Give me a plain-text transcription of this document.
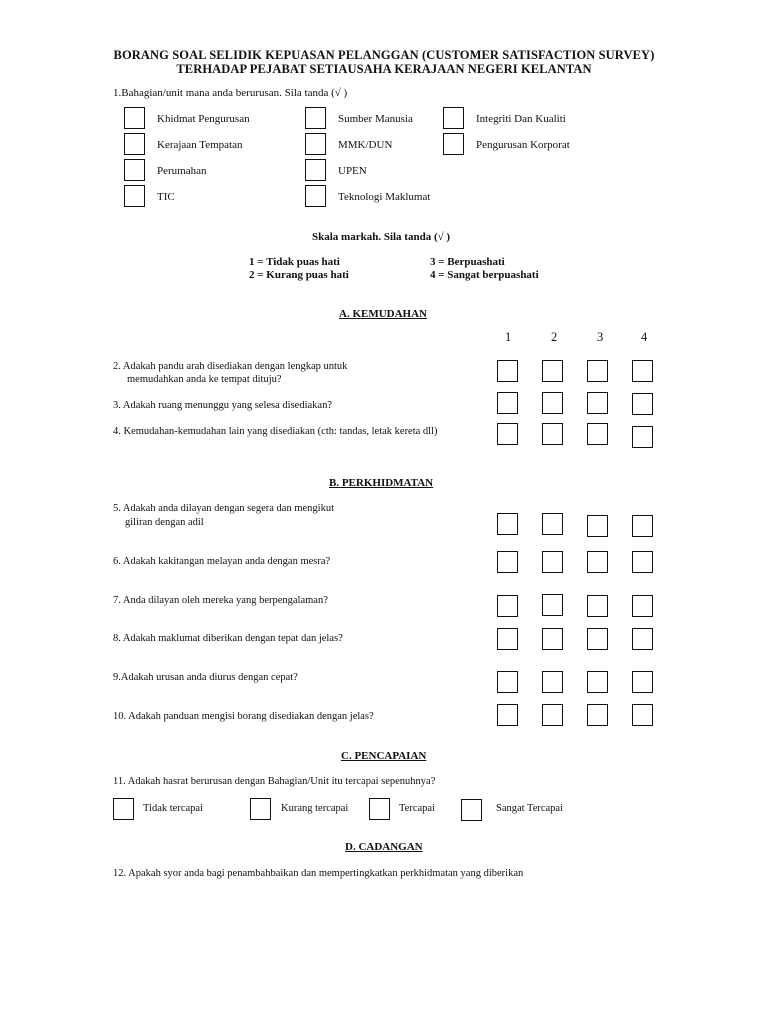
BORANG SOAL SELIDIK KEPUASAN PELANGGAN (CUSTOMER SATISFACTION SURVEY)
TERHADAP PEJABAT SETIAUSAHA KERAJAAN NEGERI KELANTAN
1.Bahagian/unit mana anda berurusan. Sila tanda (√ )
Khidmat Pengurusan
Kerajaan Tempatan
Perumahan
TIC
Sumber Manusia
MMK/DUN
UPEN
Teknologi Maklumat
Integriti Dan Kualiti
Pengurusan Korporat
Skala markah. Sila tanda (√ )
1 = Tidak puas hati
2 = Kurang puas hati
3 = Berpuashati
4 = Sangat berpuashati
A. KEMUDAHAN
1	2	3	4
2. Adakah pandu arah disediakan dengan lengkap untuk
memudahkan anda ke tempat dituju?
3. Adakah ruang menunggu yang selesa disediakan?
4. Kemudahan-kemudahan lain yang disediakan (cth: tandas, letak kereta dll)
B. PERKHIDMATAN
5. Adakah anda dilayan dengan segera dan mengikut
giliran dengan adil
6. Adakah kakitangan melayan anda dengan mesra?
7. Anda dilayan oleh mereka yang berpengalaman?
8. Adakah maklumat diberikan dengan tepat dan jelas?
9.Adakah urusan anda diurus dengan cepat?
10. Adakah panduan mengisi borang disediakan dengan jelas?
C. PENCAPAIAN
11. Adakah hasrat berurusan dengan Bahagian/Unit itu tercapai sepenuhnya?
Tidak tercapai	Kurang tercapai	Tercapai	Sangat Tercapai
D. CADANGAN
12. Apakah syor anda bagi penambahbaikan dan mempertingkatkan perkhidmatan yang diberikan
